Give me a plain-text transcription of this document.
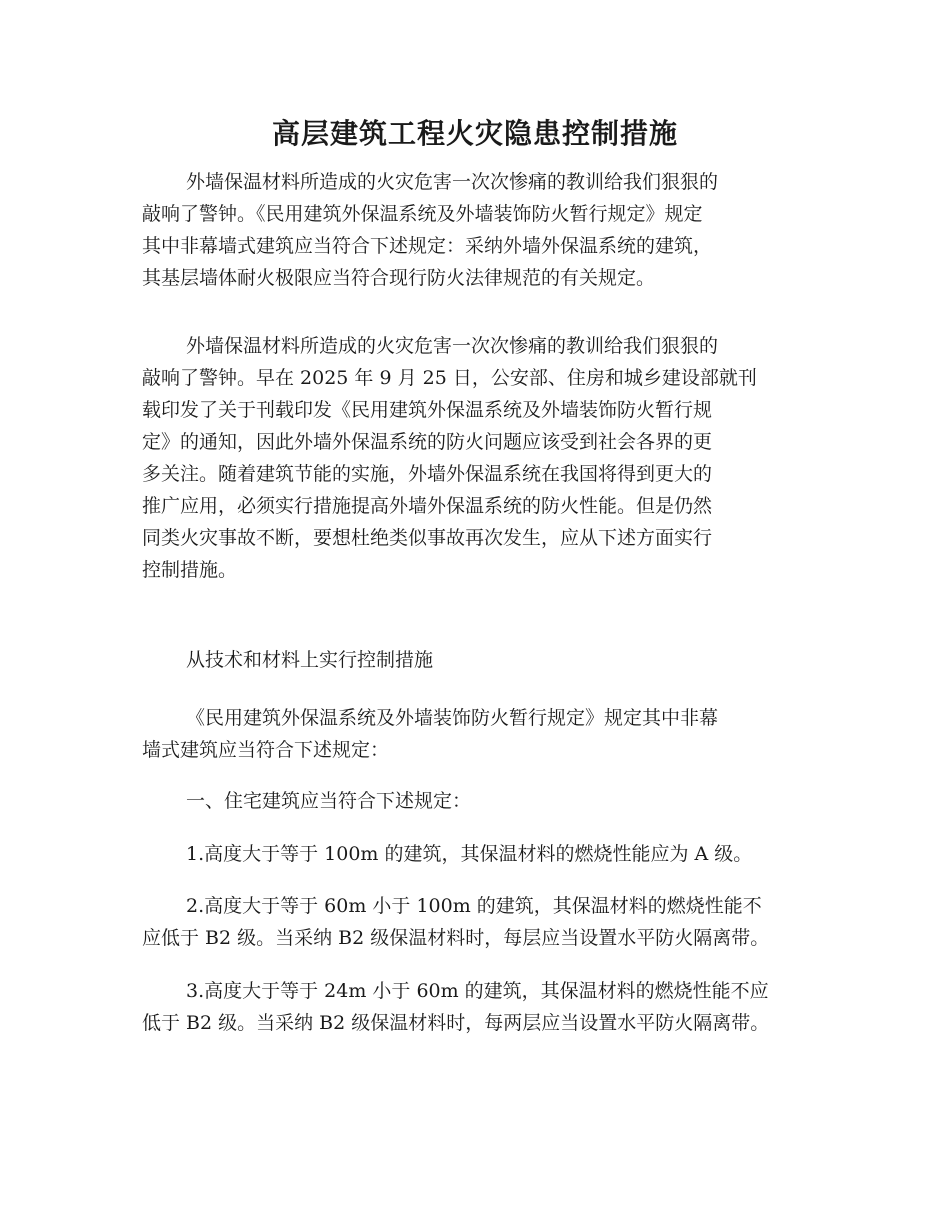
高层建筑工程火灾隐患控制措施
外墙保温材料所造成的火灾危害一次次惨痛的教训给我们狠狠的
敲响了警钟。《民用建筑外保温系统及外墙装饰防火暂行规定》规定
其中非幕墙式建筑应当符合下述规定：采纳外墙外保温系统的建筑，
其基层墙体耐火极限应当符合现行防火法律规范的有关规定。
外墙保温材料所造成的火灾危害一次次惨痛的教训给我们狠狠的
敲响了警钟。早在 2025 年 9 月 25 日，公安部、住房和城乡建设部就刊
载印发了关于刊载印发《民用建筑外保温系统及外墙装饰防火暂行规
定》的通知，因此外墙外保温系统的防火问题应该受到社会各界的更
多关注。随着建筑节能的实施，外墙外保温系统在我国将得到更大的
推广应用，必须实行措施提高外墙外保温系统的防火性能。但是仍然
同类火灾事故不断，要想杜绝类似事故再次发生，应从下述方面实行
控制措施。
从技术和材料上实行控制措施
《民用建筑外保温系统及外墙装饰防火暂行规定》规定其中非幕
墙式建筑应当符合下述规定：
一、住宅建筑应当符合下述规定：
1.高度大于等于 100m 的建筑，其保温材料的燃烧性能应为 A 级。
2.高度大于等于 60m 小于 100m 的建筑，其保温材料的燃烧性能不
应低于 B2 级。当采纳 B2 级保温材料时，每层应当设置水平防火隔离带。
3.高度大于等于 24m 小于 60m 的建筑，其保温材料的燃烧性能不应
低于 B2 级。当采纳 B2 级保温材料时，每两层应当设置水平防火隔离带。
